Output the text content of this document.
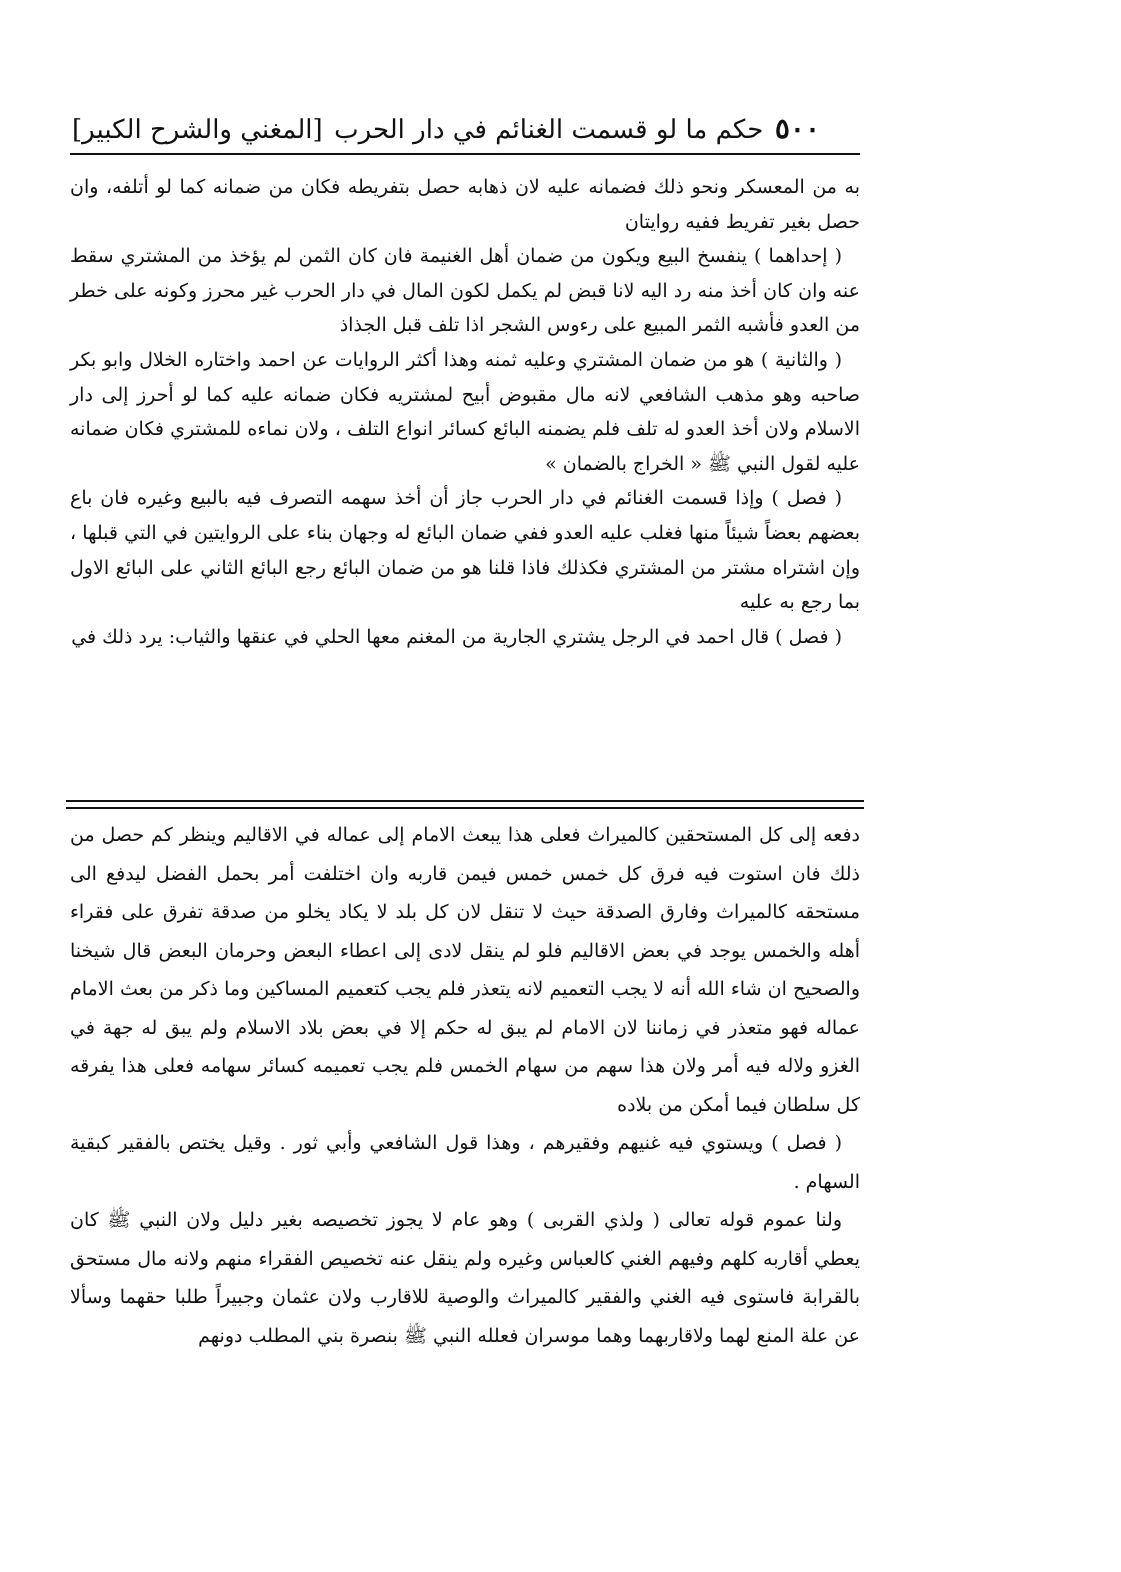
٥٠٠
حكم ما لو قسمت الغنائم في دار الحرب
[المغني والشرح الكبير]

به من المعسكر ونحو ذلك فضمانه عليه لان ذهابه حصل بتفريطه فكان من ضمانه كما لو أتلفه، وان حصل بغير تفريط ففيه روايتان

( إحداهما ) ينفسخ البيع ويكون من ضمان أهل الغنيمة فان كان الثمن لم يؤخذ من المشتري سقط عنه وان كان أخذ منه رد اليه لانا قبض لم يكمل لكون المال في دار الحرب غير محرز وكونه على خطر من العدو فأشبه الثمر المبيع على رءوس الشجر اذا تلف قبل الجذاذ

( والثانية ) هو من ضمان المشتري وعليه ثمنه وهذا أكثر الروايات عن احمد واختاره الخلال وابو بكر صاحبه وهو مذهب الشافعي لانه مال مقبوض أبيح لمشتريه فكان ضمانه عليه كما لو أحرز إلى دار الاسلام ولان أخذ العدو له تلف فلم يضمنه البائع كسائر انواع التلف ، ولان نماءه للمشتري فكان ضمانه عليه لقول النبي ﷺ « الخراج بالضمان »

( فصل ) وإذا قسمت الغنائم في دار الحرب جاز أن أخذ سهمه التصرف فيه بالبيع وغيره فان باع بعضهم بعضاً شيئاً منها فغلب عليه العدو ففي ضمان البائع له وجهان بناء على الروايتين في التي قبلها ، وإن اشتراه مشتر من المشتري فكذلك فاذا قلنا هو من ضمان البائع رجع البائع الثاني على البائع الاول بما رجع به عليه

( فصل ) قال احمد في الرجل يشتري الجارية من المغنم معها الحلي في عنقها والثياب: يرد ذلك في

دفعه إلى كل المستحقين كالميراث فعلى هذا يبعث الامام إلى عماله في الاقاليم وينظر كم حصل من ذلك فان استوت فيه فرق كل خمس خمس فيمن قاربه وان اختلفت أمر بحمل الفضل ليدفع الى مستحقه كالميراث وفارق الصدقة حيث لا تنقل لان كل بلد لا يكاد يخلو من صدقة تفرق على فقراء أهله والخمس يوجد في بعض الاقاليم فلو لم ينقل لادى إلى اعطاء البعض وحرمان البعض قال شيخنا والصحيح ان شاء الله أنه لا يجب التعميم لانه يتعذر فلم يجب كتعميم المساكين وما ذكر من بعث الامام عماله فهو متعذر في زماننا لان الامام لم يبق له حكم إلا في بعض بلاد الاسلام ولم يبق له جهة في الغزو ولاله فيه أمر ولان هذا سهم من سهام الخمس فلم يجب تعميمه كسائر سهامه فعلى هذا يفرقه كل سلطان فيما أمكن من بلاده

( فصل ) ويستوي فيه غنيهم وفقيرهم ، وهذا قول الشافعي وأبي ثور . وقيل يختص بالفقير كبقية السهام .

ولنا عموم قوله تعالى ( ولذي القربى ) وهو عام لا يجوز تخصيصه بغير دليل ولان النبي ﷺ كان يعطي أقاربه كلهم وفيهم الغني كالعباس وغيره ولم ينقل عنه تخصيص الفقراء منهم ولانه مال مستحق بالقرابة فاستوى فيه الغني والفقير كالميراث والوصية للاقارب ولان عثمان وجبيراً طلبا حقهما وسألا عن علة المنع لهما ولاقاربهما وهما موسران فعلله النبي ﷺ بنصرة بني المطلب دونهم
